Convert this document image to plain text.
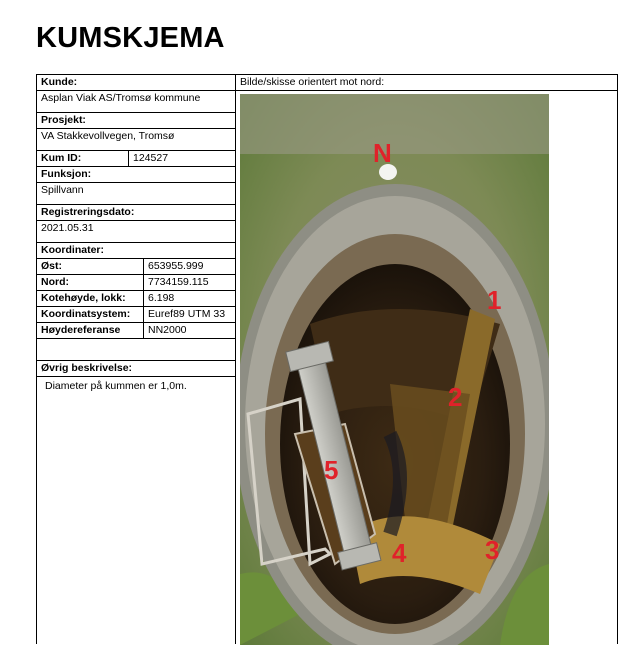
KUMSKJEMA
Kunde:
Asplan Viak AS/Tromsø kommune
Prosjekt:
VA Stakkevollvegen, Tromsø
Kum ID:	124527
Funksjon:
Spillvann
Registreringsdato:
2021.05.31
Koordinater:
Øst:	653955.999
Nord:	7734159.115
Kotehøyde, lokk:	6.198
Koordinatsystem:	Euref89 UTM 33
Høydereferanse	NN2000
Øvrig beskrivelse:
Diameter på kummen er 1,0m.
Bilde/skisse orientert mot nord:
N
1
2
3
4
5
